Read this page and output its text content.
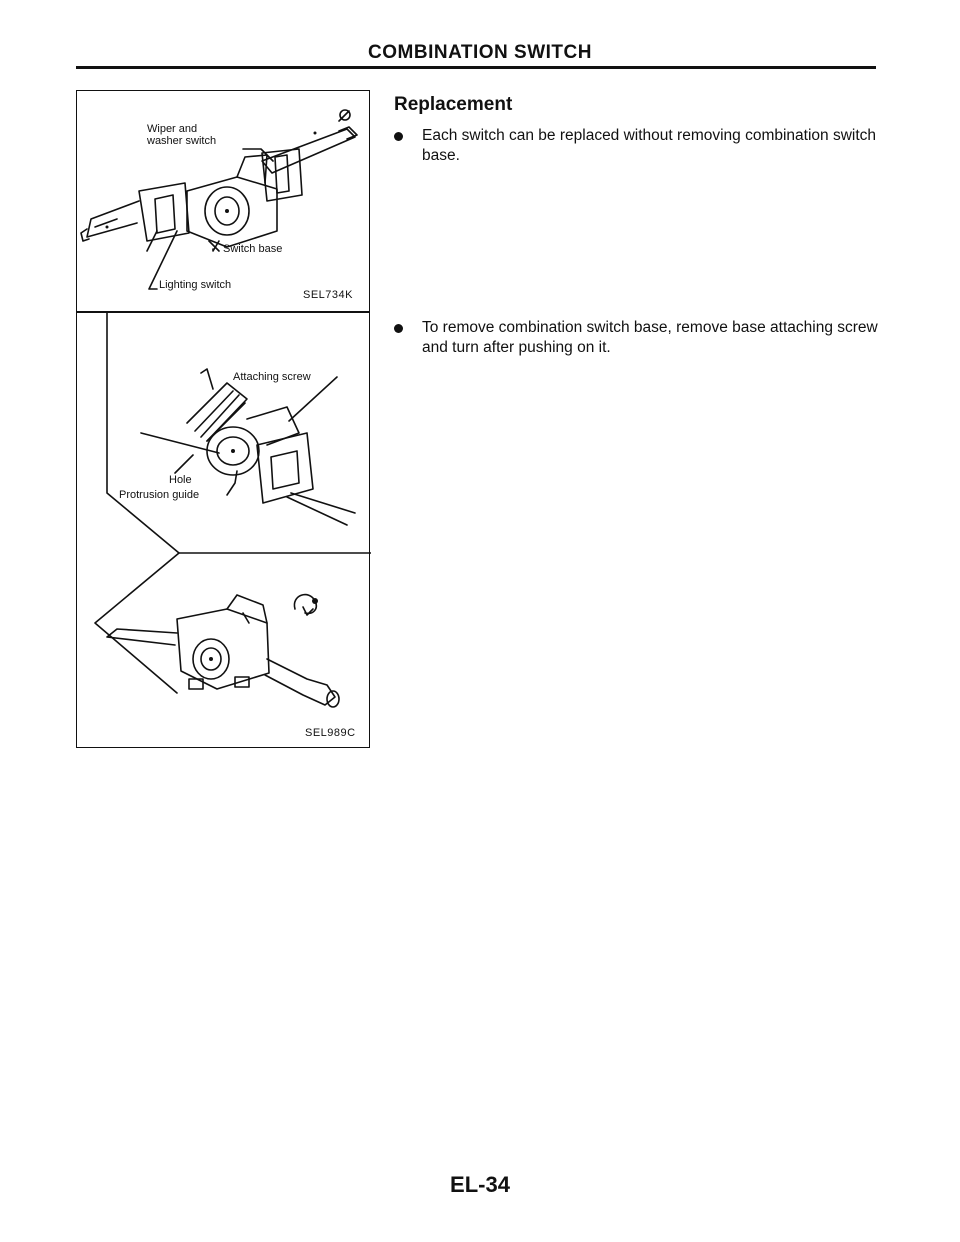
COMBINATION SWITCH
Wiper and
washer switch
Switch base
Lighting switch
SEL734K
Attaching screw
Hole
Protrusion guide
SEL989C
Replacement
Each switch can be replaced without removing combination switch base.
To remove combination switch base, remove base attaching screw and turn after pushing on it.
EL-34
